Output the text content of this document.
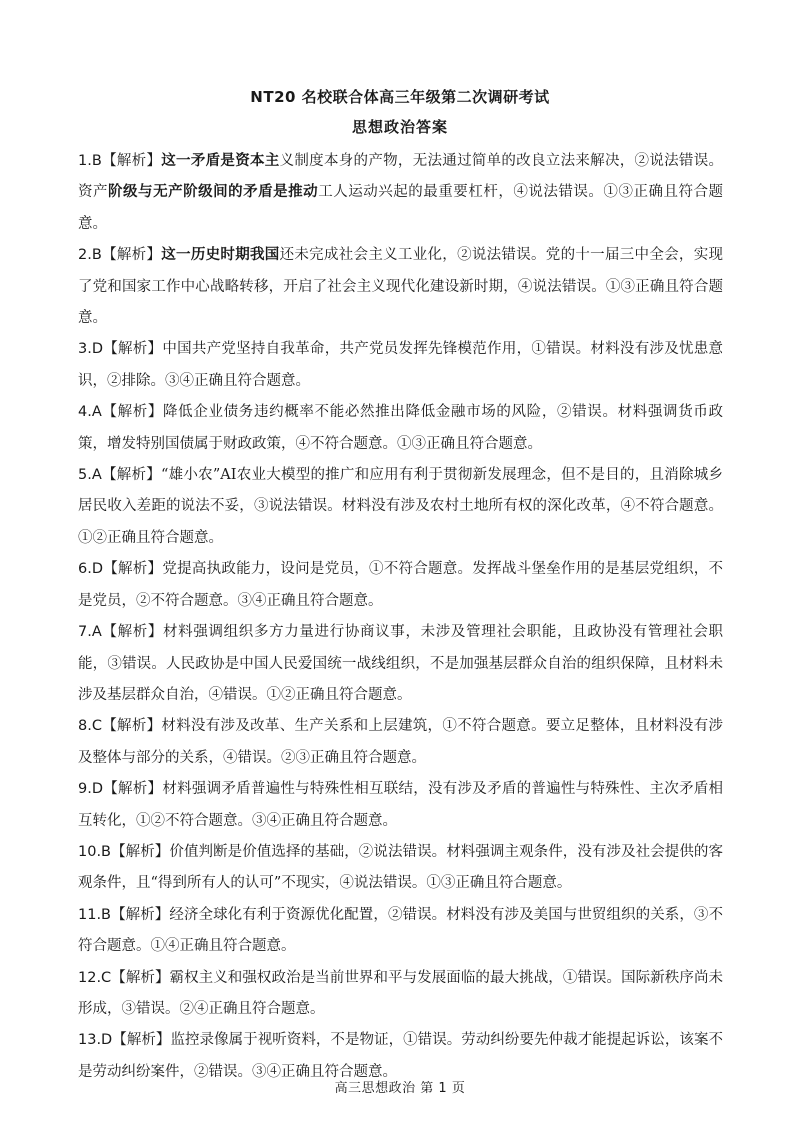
NT20 名校联合体高三年级第二次调研考试
思想政治答案
1.B【解析】这一矛盾是资本主义制度本身的产物，无法通过简单的改良立法来解决，②说法错误。资产阶级与无产阶级间的矛盾是推动工人运动兴起的最重要杠杆，④说法错误。①③正确且符合题意。
2.B【解析】这一历史时期我国还未完成社会主义工业化，②说法错误。党的十一届三中全会，实现了党和国家工作中心战略转移，开启了社会主义现代化建设新时期，④说法错误。①③正确且符合题意。
3.D【解析】中国共产党坚持自我革命，共产党员发挥先锋模范作用，①错误。材料没有涉及忧患意识，②排除。③④正确且符合题意。
4.A【解析】降低企业债务违约概率不能必然推出降低金融市场的风险，②错误。材料强调货币政策，增发特别国债属于财政政策，④不符合题意。①③正确且符合题意。
5.A【解析】“雄小农”AI农业大模型的推广和应用有利于贯彻新发展理念，但不是目的，且消除城乡居民收入差距的说法不妥，③说法错误。材料没有涉及农村土地所有权的深化改革，④不符合题意。①②正确且符合题意。
6.D【解析】党提高执政能力，设问是党员，①不符合题意。发挥战斗堡垒作用的是基层党组织，不是党员，②不符合题意。③④正确且符合题意。
7.A【解析】材料强调组织多方力量进行协商议事，未涉及管理社会职能，且政协没有管理社会职能，③错误。人民政协是中国人民爱国统一战线组织，不是加强基层群众自治的组织保障，且材料未涉及基层群众自治，④错误。①②正确且符合题意。
8.C【解析】材料没有涉及改革、生产关系和上层建筑，①不符合题意。要立足整体，且材料没有涉及整体与部分的关系，④错误。②③正确且符合题意。
9.D【解析】材料强调矛盾普遍性与特殊性相互联结，没有涉及矛盾的普遍性与特殊性、主次矛盾相互转化，①②不符合题意。③④正确且符合题意。
10.B【解析】价值判断是价值选择的基础，②说法错误。材料强调主观条件，没有涉及社会提供的客观条件，且“得到所有人的认可”不现实，④说法错误。①③正确且符合题意。
11.B【解析】经济全球化有利于资源优化配置，②错误。材料没有涉及美国与世贸组织的关系，③不符合题意。①④正确且符合题意。
12.C【解析】霸权主义和强权政治是当前世界和平与发展面临的最大挑战，①错误。国际新秩序尚未形成，③错误。②④正确且符合题意。
13.D【解析】监控录像属于视听资料，不是物证，①错误。劳动纠纷要先仲裁才能提起诉讼，该案不是劳动纠纷案件，②错误。③④正确且符合题意。
高三思想政治 第 1 页
